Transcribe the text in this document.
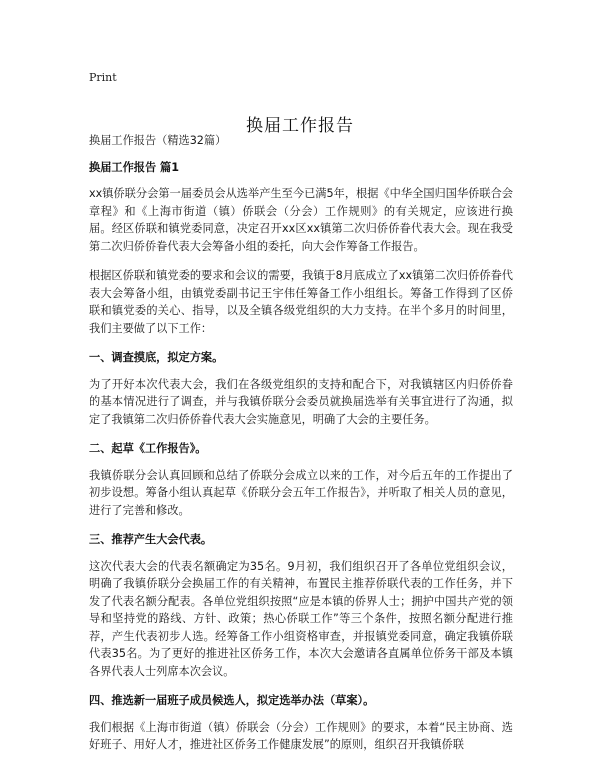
Print
换届工作报告
换届工作报告（精选32篇）
换届工作报告 篇1

xx镇侨联分会第一届委员会从选举产生至今已满5年，根据《中华全国归国华侨联合会章程》和《上海市街道（镇）侨联会（分会）工作规则》的有关规定，应该进行换届。经区侨联和镇党委同意，决定召开xx区xx镇第二次归侨侨眷代表大会。现在我受第二次归侨侨眷代表大会筹备小组的委托，向大会作筹备工作报告。

根据区侨联和镇党委的要求和会议的需要，我镇于8月底成立了xx镇第二次归侨侨眷代表大会筹备小组，由镇党委副书记王宇伟任筹备工作小组组长。筹备工作得到了区侨联和镇党委的关心、指导，以及全镇各级党组织的大力支持。在半个多月的时间里，我们主要做了以下工作：

一、调查摸底，拟定方案。

为了开好本次代表大会，我们在各级党组织的支持和配合下，对我镇辖区内归侨侨眷的基本情况进行了调查，并与我镇侨联分会委员就换届选举有关事宜进行了沟通，拟定了我镇第二次归侨侨眷代表大会实施意见，明确了大会的主要任务。

二、起草《工作报告》。

我镇侨联分会认真回顾和总结了侨联分会成立以来的工作，对今后五年的工作提出了初步设想。筹备小组认真起草《侨联分会五年工作报告》，并听取了相关人员的意见，进行了完善和修改。

三、推荐产生大会代表。

这次代表大会的代表名额确定为35名。9月初，我们组织召开了各单位党组织会议，明确了我镇侨联分会换届工作的有关精神，布置民主推荐侨联代表的工作任务，并下发了代表名额分配表。各单位党组织按照“应是本镇的侨界人士；拥护中国共产党的领导和坚持党的路线、方针、政策；热心侨联工作”等三个条件，按照名额分配进行推荐，产生代表初步人选。经筹备工作小组资格审查，并报镇党委同意，确定我镇侨联代表35名。为了更好的推进社区侨务工作，本次大会邀请各直属单位侨务干部及本镇各界代表人士列席本次会议。

四、推选新一届班子成员候选人，拟定选举办法（草案）。

我们根据《上海市街道（镇）侨联会（分会）工作规则》的要求，本着“民主协商、选好班子、用好人才，推进社区侨务工作健康发展”的原则，组织召开我镇侨联
